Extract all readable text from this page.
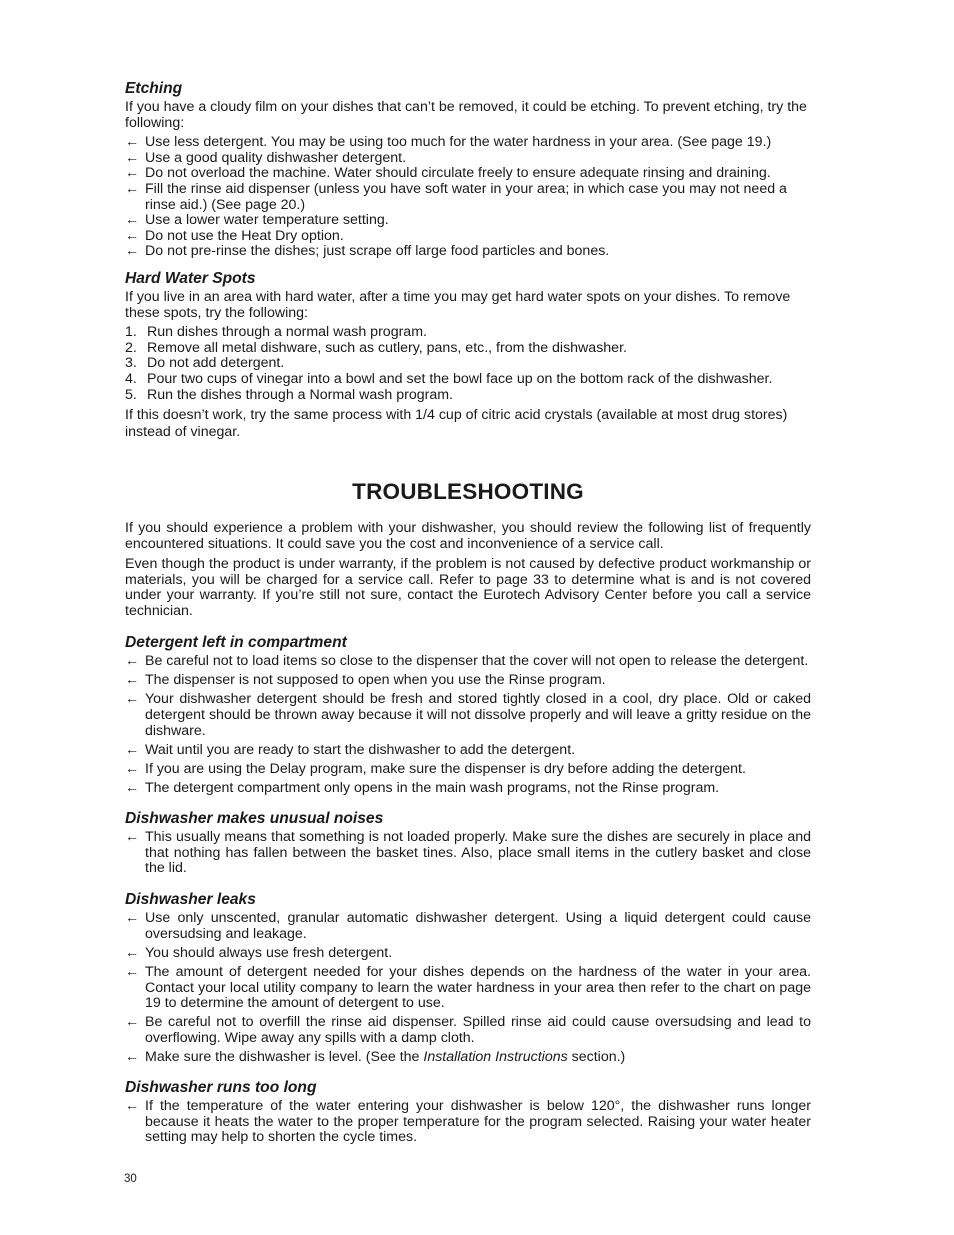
Etching

If you have a cloudy film on your dishes that can’t be removed, it could be etching. To prevent etching, try the following:

← Use less detergent. You may be using too much for the water hardness in your area. (See page 19.)
← Use a good quality dishwasher detergent.
← Do not overload the machine. Water should circulate freely to ensure adequate rinsing and draining.
← Fill the rinse aid dispenser (unless you have soft water in your area; in which case you may not need a rinse aid.) (See page 20.)
← Use a lower water temperature setting.
← Do not use the Heat Dry option.
← Do not pre-rinse the dishes; just scrape off large food particles and bones.
Hard Water Spots

If you live in an area with hard water, after a time you may get hard water spots on your dishes. To remove these spots, try the following:

1. Run dishes through a normal wash program.
2. Remove all metal dishware, such as cutlery, pans, etc., from the dishwasher.
3. Do not add detergent.
4. Pour two cups of vinegar into a bowl and set the bowl face up on the bottom rack of the dishwasher.
5. Run the dishes through a Normal wash program.

If this doesn’t work, try the same process with 1/4 cup of citric acid crystals (available at most drug stores) instead of vinegar.

TROUBLESHOOTING

If you should experience a problem with your dishwasher, you should review the following list of frequently encountered situations. It could save you the cost and inconvenience of a service call.

Even though the product is under warranty, if the problem is not caused by defective product workmanship or materials, you will be charged for a service call. Refer to page 33 to determine what is and is not covered under your warranty. If you’re still not sure, contact the Eurotech Advisory Center before you call a service technician.

Detergent left in compartment
← Be careful not to load items so close to the dispenser that the cover will not open to release the detergent.
← The dispenser is not supposed to open when you use the Rinse program.
← Your dishwasher detergent should be fresh and stored tightly closed in a cool, dry place. Old or caked detergent should be thrown away because it will not dissolve properly and will leave a gritty residue on the dishware.
← Wait until you are ready to start the dishwasher to add the detergent.
← If you are using the Delay program, make sure the dispenser is dry before adding the detergent.
← The detergent compartment only opens in the main wash programs, not the Rinse program.
Dishwasher makes unusual noises
← This usually means that something is not loaded properly. Make sure the dishes are securely in place and that nothing has fallen between the basket tines. Also, place small items in the cutlery basket and close the lid.
Dishwasher leaks
← Use only unscented, granular automatic dishwasher detergent. Using a liquid detergent could cause oversudsing and leakage.
← You should always use fresh detergent.
← The amount of detergent needed for your dishes depends on the hardness of the water in your area. Contact your local utility company to learn the water hardness in your area then refer to the chart on page 19 to determine the amount of detergent to use.
← Be careful not to overfill the rinse aid dispenser. Spilled rinse aid could cause oversudsing and lead to overflowing. Wipe away any spills with a damp cloth.
← Make sure the dishwasher is level. (See the Installation Instructions section.)
Dishwasher runs too long
← If the temperature of the water entering your dishwasher is below 120°, the dishwasher runs longer because it heats the water to the proper temperature for the program selected. Raising your water heater setting may help to shorten the cycle times.
30
